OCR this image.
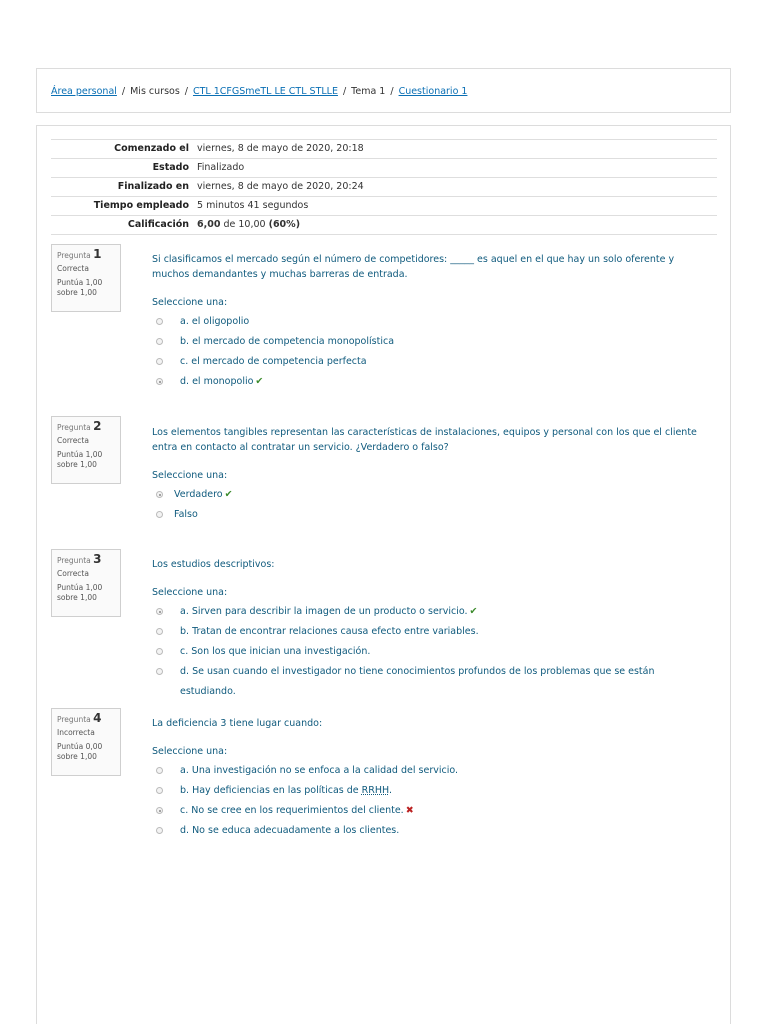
Área personal / Mis cursos / CTL 1CFGSmeTL LE CTL STLLE / Tema 1 / Cuestionario 1
Comenzado el	viernes, 8 de mayo de 2020, 20:18
Estado	Finalizado
Finalizado en	viernes, 8 de mayo de 2020, 20:24
Tiempo empleado	5 minutos 41 segundos
Calificación	6,00 de 10,00 (60%)
Pregunta 1
Correcta
Puntúa 1,00 sobre 1,00
Si clasificamos el mercado según el número de competidores: _____ es aquel en el que hay un solo oferente y muchos demandantes y muchas barreras de entrada.
Seleccione una:
a. el oligopolio
b. el mercado de competencia monopolística
c. el mercado de competencia perfecta
d. el monopolio ✔
Pregunta 2
Correcta
Puntúa 1,00 sobre 1,00
Los elementos tangibles representan las características de instalaciones, equipos y personal con los que el cliente entra en contacto al contratar un servicio. ¿Verdadero o falso?
Seleccione una:
Verdadero ✔
Falso
Pregunta 3
Correcta
Puntúa 1,00 sobre 1,00
Los estudios descriptivos:
Seleccione una:
a. Sirven para describir la imagen de un producto o servicio. ✔
b. Tratan de encontrar relaciones causa efecto entre variables.
c. Son los que inician una investigación.
d. Se usan cuando el investigador no tiene conocimientos profundos de los problemas que se están estudiando.
Pregunta 4
Incorrecta
Puntúa 0,00 sobre 1,00
La deficiencia 3 tiene lugar cuando:
Seleccione una:
a. Una investigación no se enfoca a la calidad del servicio.
b. Hay deficiencias en las políticas de RRHH.
c. No se cree en los requerimientos del cliente. ✖
d. No se educa adecuadamente a los clientes.
